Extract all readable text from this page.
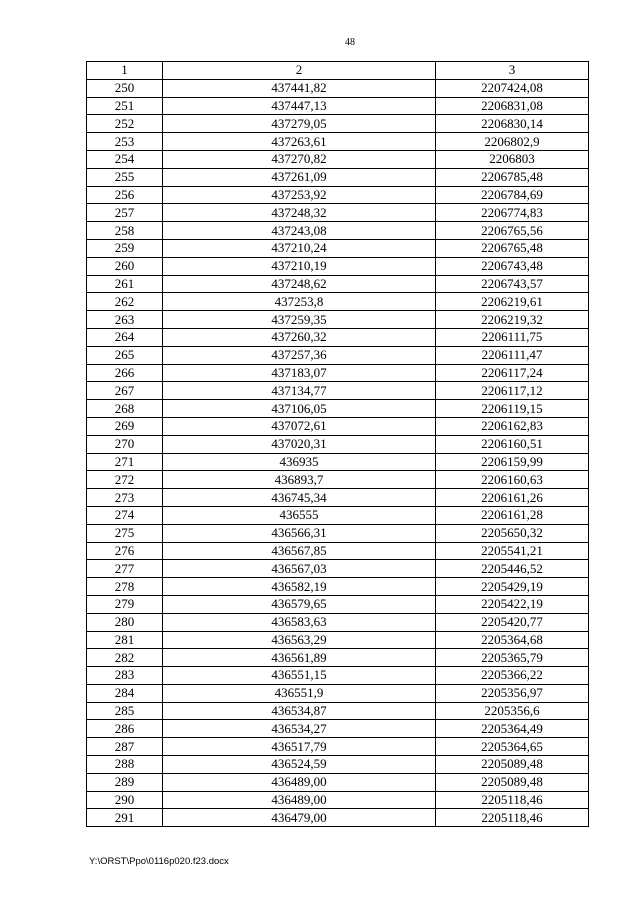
48
1	2	3
250	437441,82	2207424,08
251	437447,13	2206831,08
252	437279,05	2206830,14
253	437263,61	2206802,9
254	437270,82	2206803
255	437261,09	2206785,48
256	437253,92	2206784,69
257	437248,32	2206774,83
258	437243,08	2206765,56
259	437210,24	2206765,48
260	437210,19	2206743,48
261	437248,62	2206743,57
262	437253,8	2206219,61
263	437259,35	2206219,32
264	437260,32	2206111,75
265	437257,36	2206111,47
266	437183,07	2206117,24
267	437134,77	2206117,12
268	437106,05	2206119,15
269	437072,61	2206162,83
270	437020,31	2206160,51
271	436935	2206159,99
272	436893,7	2206160,63
273	436745,34	2206161,26
274	436555	2206161,28
275	436566,31	2205650,32
276	436567,85	2205541,21
277	436567,03	2205446,52
278	436582,19	2205429,19
279	436579,65	2205422,19
280	436583,63	2205420,77
281	436563,29	2205364,68
282	436561,89	2205365,79
283	436551,15	2205366,22
284	436551,9	2205356,97
285	436534,87	2205356,6
286	436534,27	2205364,49
287	436517,79	2205364,65
288	436524,59	2205089,48
289	436489,00	2205089,48
290	436489,00	2205118,46
291	436479,00	2205118,46
Y:\ORST\Ppo\0116p020.f23.docx
